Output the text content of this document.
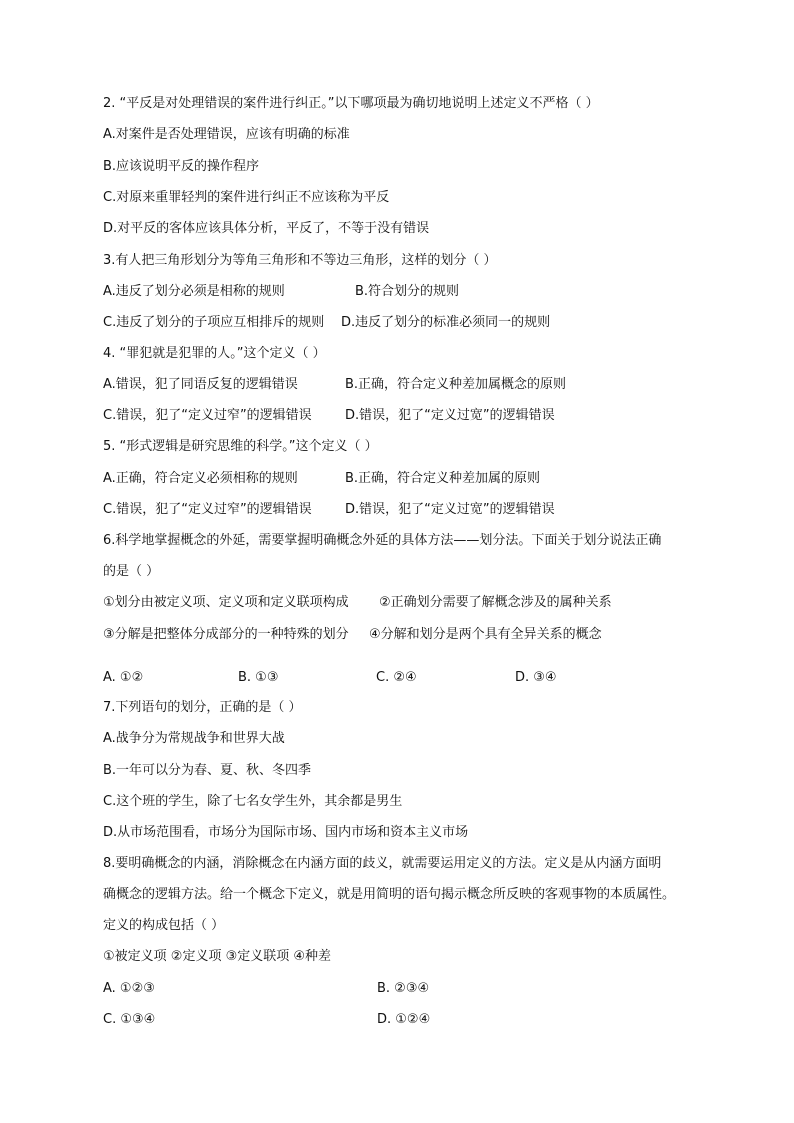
2. “平反是对处理错误的案件进行纠正。”以下哪项最为确切地说明上述定义不严格（ ）

A.对案件是否处理错误，应该有明确的标准

B.应该说明平反的操作程序

C.对原来重罪轻判的案件进行纠正不应该称为平反

D.对平反的客体应该具体分析，平反了，不等于没有错误

3.有人把三角形划分为等角三角形和不等边三角形，这样的划分（ ）

A.违反了划分必须是相称的规则	B.符合划分的规则

C.违反了划分的子项应互相排斥的规则 D.违反了划分的标准必须同一的规则

4. “罪犯就是犯罪的人。”这个定义（ ）

A.错误，犯了同语反复的逻辑错误	B.正确，符合定义种差加属概念的原则

C.错误，犯了“定义过窄”的逻辑错误	D.错误，犯了“定义过宽”的逻辑错误

5. “形式逻辑是研究思维的科学。”这个定义（ ）

A.正确，符合定义必须相称的规则	B.正确，符合定义种差加属的原则

C.错误，犯了“定义过窄”的逻辑错误	D.错误，犯了“定义过宽”的逻辑错误

6.科学地掌握概念的外延，需要掌握明确概念外延的具体方法——划分法。下面关于划分说法正确

的是（ ）

①划分由被定义项、定义项和定义联项构成 ②正确划分需要了解概念涉及的属种关系

③分解是把整体分成部分的一种特殊的划分 ④分解和划分是两个具有全异关系的概念

A. ①②	B. ①③	C. ②④	D. ③④

7.下列语句的划分，正确的是（ ）

A.战争分为常规战争和世界大战

B.一年可以分为春、夏、秋、冬四季

C.这个班的学生，除了七名女学生外，其余都是男生

D.从市场范围看，市场分为国际市场、国内市场和资本主义市场

8.要明确概念的内涵，消除概念在内涵方面的歧义，就需要运用定义的方法。定义是从内涵方面明

确概念的逻辑方法。给一个概念下定义，就是用简明的语句揭示概念所反映的客观事物的本质属性。

定义的构成包括（ ）

①被定义项 ②定义项 ③定义联项 ④种差

A. ①②③	B. ②③④

C. ①③④	D. ①②④
